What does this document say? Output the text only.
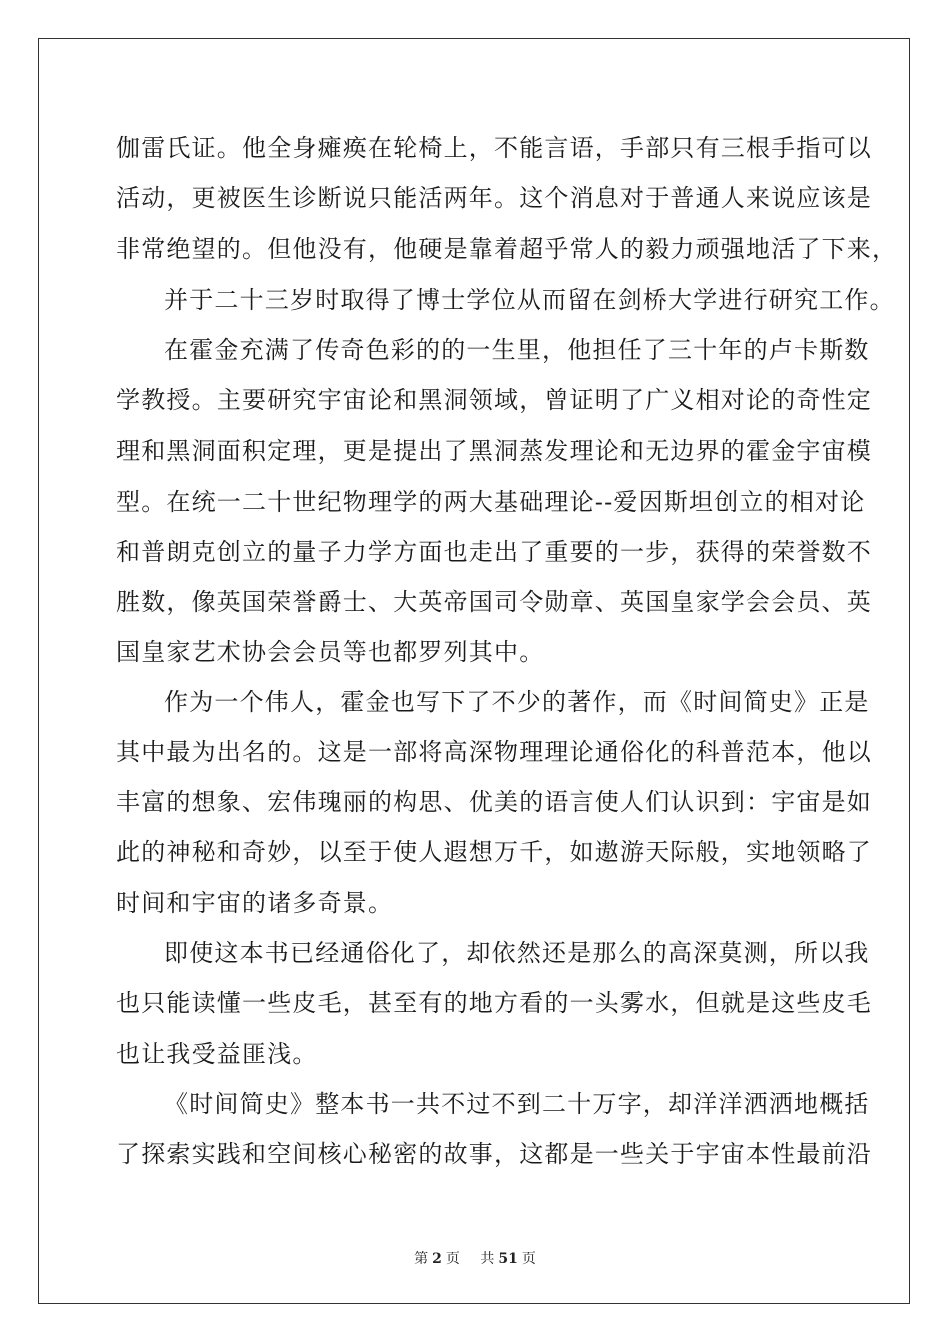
伽雷氏证。他全身瘫痪在轮椅上，不能言语，手部只有三根手指可以
活动，更被医生诊断说只能活两年。这个消息对于普通人来说应该是
非常绝望的。但他没有，他硬是靠着超乎常人的毅力顽强地活了下来，
并于二十三岁时取得了博士学位从而留在剑桥大学进行研究工作。
在霍金充满了传奇色彩的的一生里，他担任了三十年的卢卡斯数
学教授。主要研究宇宙论和黑洞领域，曾证明了广义相对论的奇性定
理和黑洞面积定理，更是提出了黑洞蒸发理论和无边界的霍金宇宙模
型。在统一二十世纪物理学的两大基础理论--爱因斯坦创立的相对论
和普朗克创立的量子力学方面也走出了重要的一步，获得的荣誉数不
胜数，像英国荣誉爵士、大英帝国司令勋章、英国皇家学会会员、英
国皇家艺术协会会员等也都罗列其中。
作为一个伟人，霍金也写下了不少的著作，而《时间简史》正是
其中最为出名的。这是一部将高深物理理论通俗化的科普范本，他以
丰富的想象、宏伟瑰丽的构思、优美的语言使人们认识到：宇宙是如
此的神秘和奇妙，以至于使人遐想万千，如遨游天际般，实地领略了
时间和宇宙的诸多奇景。
即使这本书已经通俗化了，却依然还是那么的高深莫测，所以我
也只能读懂一些皮毛，甚至有的地方看的一头雾水，但就是这些皮毛
也让我受益匪浅。
《时间简史》整本书一共不过不到二十万字，却洋洋洒洒地概括
了探索实践和空间核心秘密的故事，这都是一些关于宇宙本性最前沿
第 2 页 共 51 页
